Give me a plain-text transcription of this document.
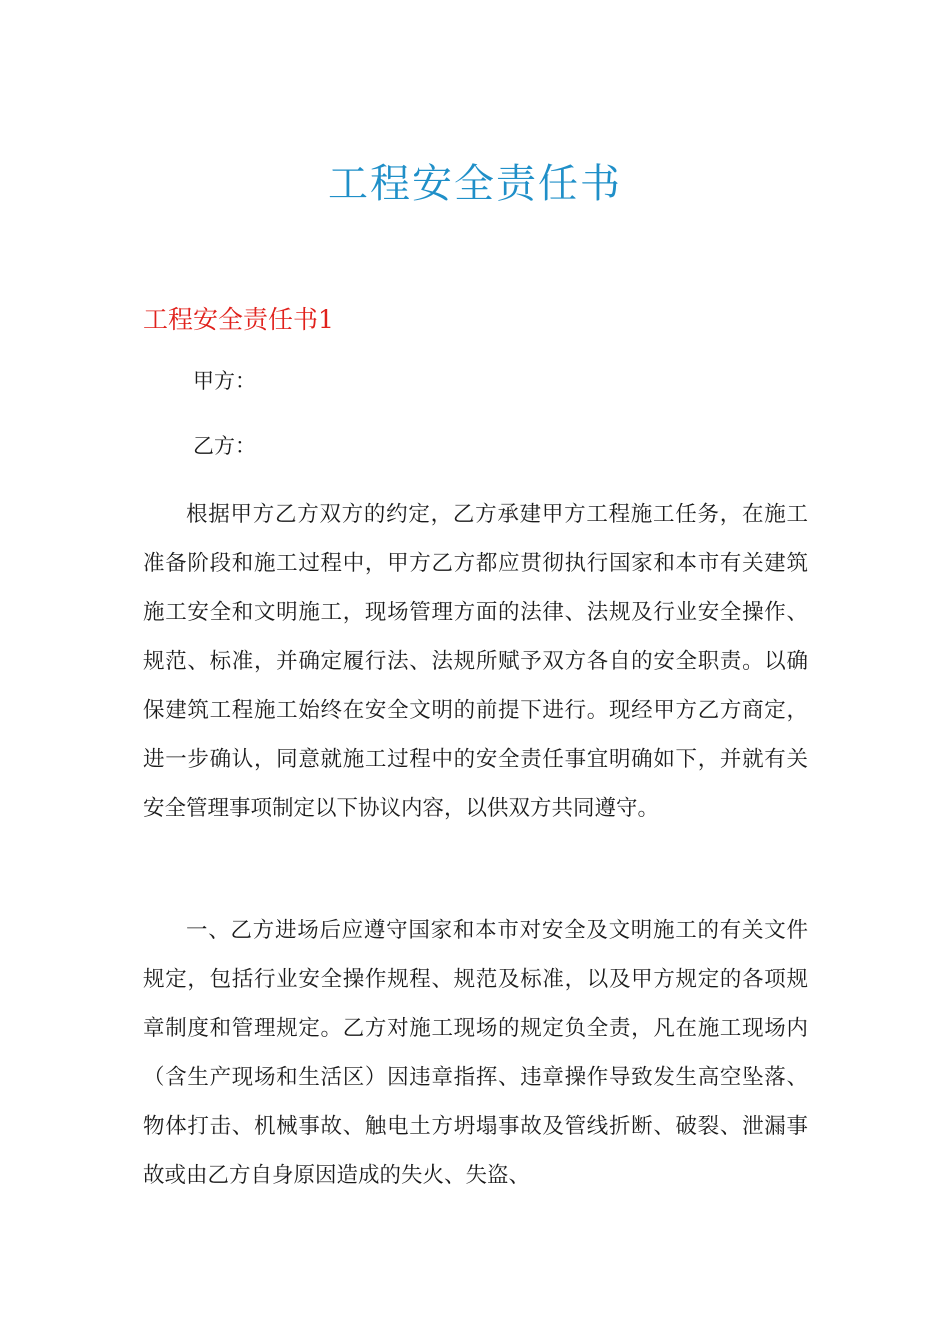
工程安全责任书
工程安全责任书1

甲方：

乙方：

根据甲方乙方双方的约定，乙方承建甲方工程施工任务，在施工准备阶段和施工过程中，甲方乙方都应贯彻执行国家和本市有关建筑施工安全和文明施工，现场管理方面的法律、法规及行业安全操作、规范、标准，并确定履行法、法规所赋予双方各自的安全职责。以确保建筑工程施工始终在安全文明的前提下进行。现经甲方乙方商定，进一步确认，同意就施工过程中的安全责任事宜明确如下，并就有关安全管理事项制定以下协议内容，以供双方共同遵守。

一、乙方进场后应遵守国家和本市对安全及文明施工的有关文件规定，包括行业安全操作规程、规范及标准，以及甲方规定的各项规章制度和管理规定。乙方对施工现场的规定负全责，凡在施工现场内（含生产现场和生活区）因违章指挥、违章操作导致发生高空坠落、物体打击、机械事故、触电土方坍塌事故及管线折断、破裂、泄漏事故或由乙方自身原因造成的失火、失盗、
